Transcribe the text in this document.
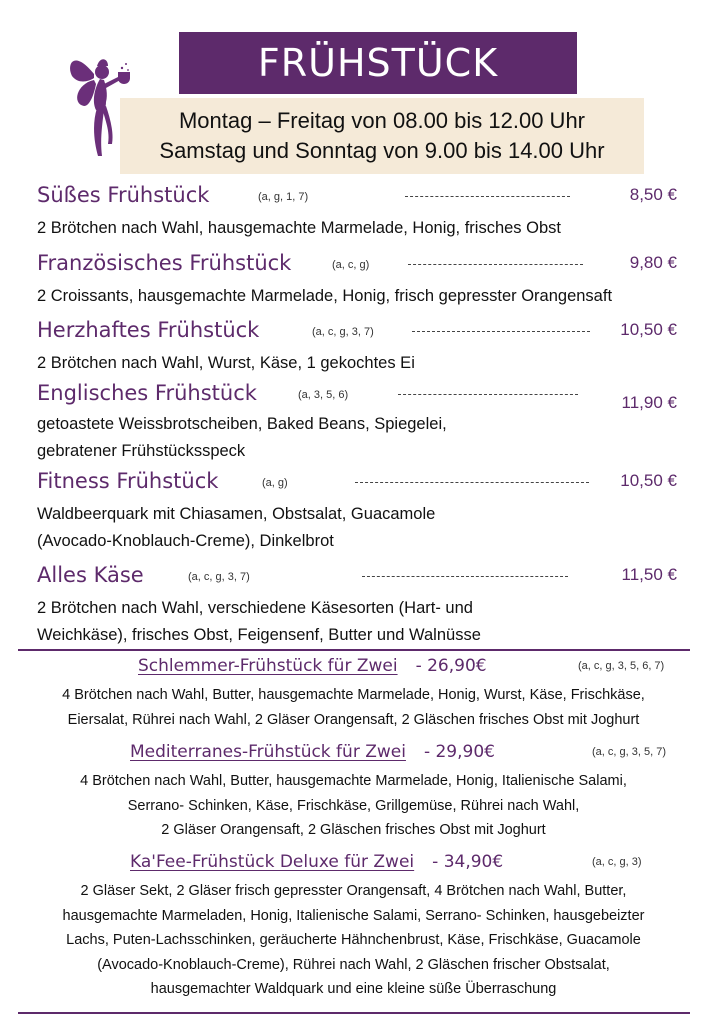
FRÜHSTÜCK
Montag – Freitag von 08.00 bis 12.00 Uhr
Samstag und Sonntag von 9.00 bis 14.00 Uhr
Süßes Frühstück	(a, g, 1, 7)	8,50 €
2 Brötchen nach Wahl, hausgemachte Marmelade, Honig, frisches Obst
Französisches Frühstück	(a, c, g)	9,80 €
2 Croissants, hausgemachte Marmelade, Honig, frisch gepresster Orangensaft
Herzhaftes Frühstück	(a, c, g, 3, 7)	10,50 €
2 Brötchen nach Wahl, Wurst, Käse, 1 gekochtes Ei
Englisches Frühstück	(a, 3, 5, 6)	11,90 €
getoastete Weissbrotscheiben, Baked Beans, Spiegelei,
gebratener Frühstücksspeck
Fitness Frühstück	(a, g)	10,50 €
Waldbeerquark mit Chiasamen, Obstsalat, Guacamole
(Avocado-Knoblauch-Creme), Dinkelbrot
Alles Käse	(a, c, g, 3, 7)	11,50 €
2 Brötchen nach Wahl, verschiedene Käsesorten (Hart- und
Weichkäse), frisches Obst, Feigensenf, Butter und Walnüsse
Schlemmer-Frühstück für Zwei - 26,90€	(a, c, g, 3, 5, 6, 7)
4 Brötchen nach Wahl, Butter, hausgemachte Marmelade, Honig, Wurst, Käse, Frischkäse,
Eiersalat, Rührei nach Wahl, 2 Gläser Orangensaft, 2 Gläschen frisches Obst mit Joghurt
Mediterranes-Frühstück für Zwei - 29,90€	(a, c, g, 3, 5, 7)
4 Brötchen nach Wahl, Butter, hausgemachte Marmelade, Honig, Italienische Salami,
Serrano- Schinken, Käse, Frischkäse, Grillgemüse, Rührei nach Wahl,
2 Gläser Orangensaft, 2 Gläschen frisches Obst mit Joghurt
Ka'Fee-Frühstück Deluxe für Zwei - 34,90€	(a, c, g, 3)
2 Gläser Sekt, 2 Gläser frisch gepresster Orangensaft, 4 Brötchen nach Wahl, Butter,
hausgemachte Marmeladen, Honig, Italienische Salami, Serrano- Schinken, hausgebeizter
Lachs, Puten-Lachsschinken, geräucherte Hähnchenbrust, Käse, Frischkäse, Guacamole
(Avocado-Knoblauch-Creme), Rührei nach Wahl, 2 Gläschen frischer Obstsalat,
hausgemachter Waldquark und eine kleine süße Überraschung
